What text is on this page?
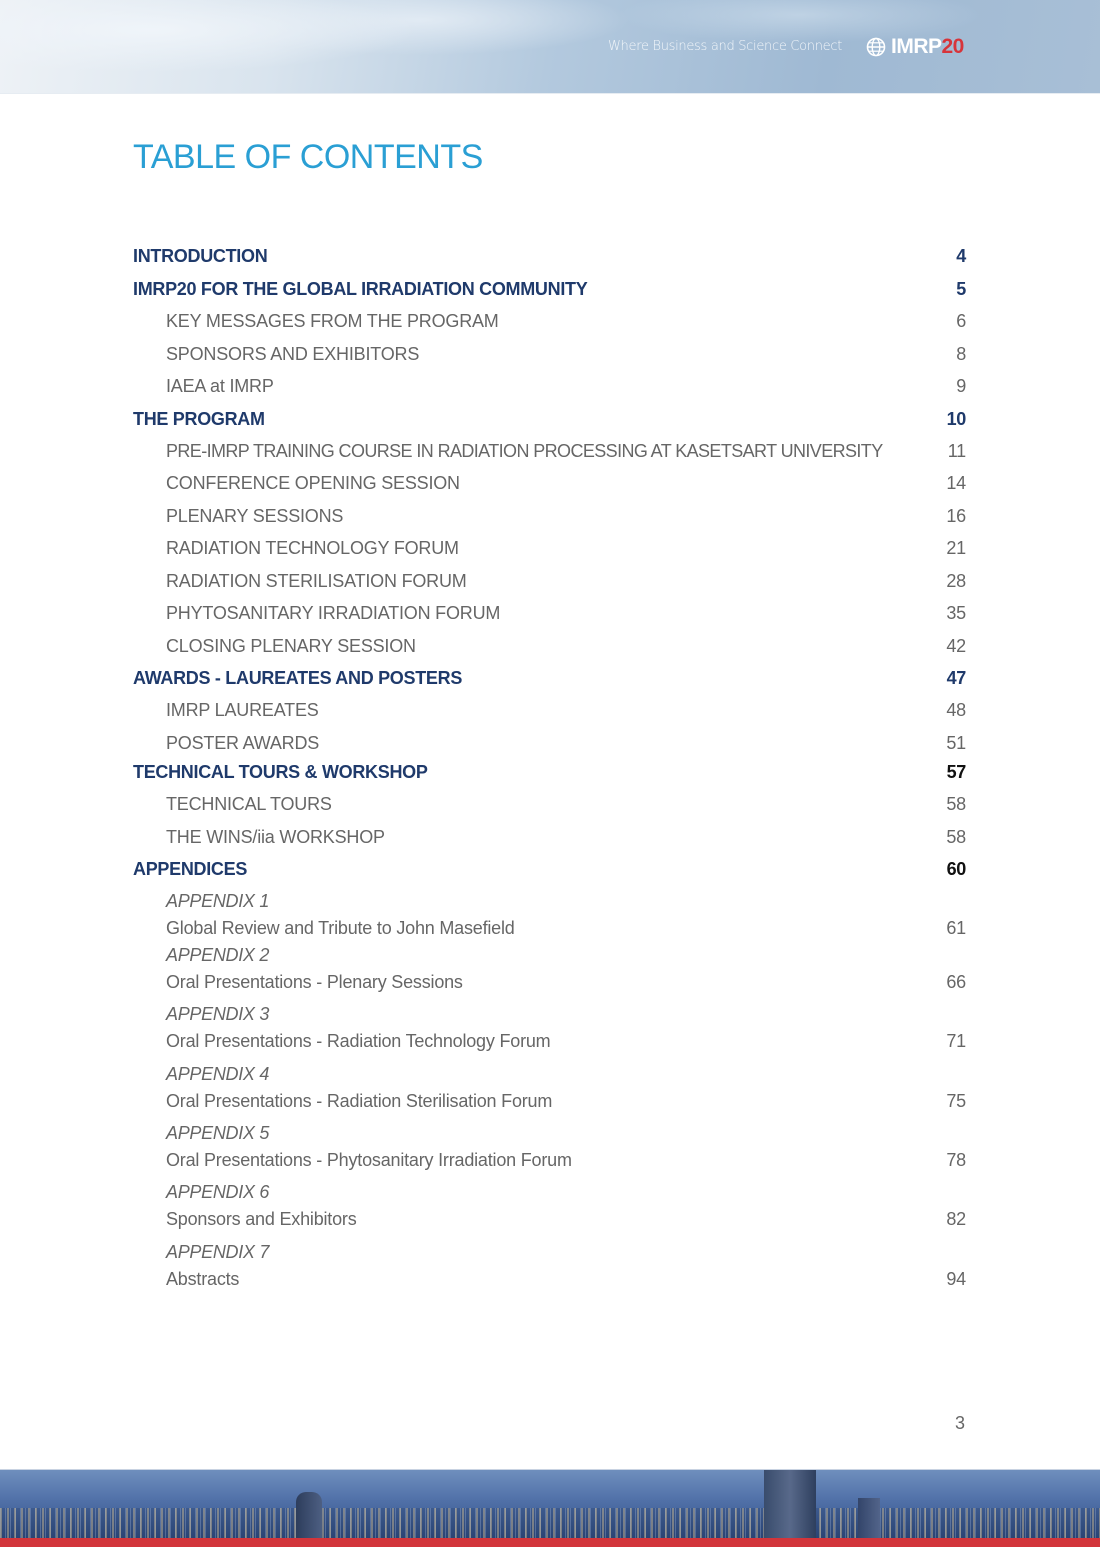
Where Business and Science Connect IMRP 20
TABLE OF CONTENTS
INTRODUCTION	4
IMRP20 FOR THE GLOBAL IRRADIATION COMMUNITY	5
KEY MESSAGES FROM THE PROGRAM	6
SPONSORS AND EXHIBITORS	8
IAEA at IMRP	9
THE PROGRAM	10
PRE-IMRP TRAINING COURSE IN RADIATION PROCESSING AT KASETSART UNIVERSITY	11
CONFERENCE OPENING SESSION	14
PLENARY SESSIONS	16
RADIATION TECHNOLOGY FORUM	21
RADIATION STERILISATION FORUM	28
PHYTOSANITARY IRRADIATION FORUM	35
CLOSING PLENARY SESSION	42
AWARDS - LAUREATES AND POSTERS	47
IMRP LAUREATES	48
POSTER AWARDS	51
TECHNICAL TOURS & WORKSHOP	57
TECHNICAL TOURS	58
THE WINS/iia WORKSHOP	58
APPENDICES	60
APPENDIX 1
Global Review and Tribute to John Masefield	61
APPENDIX 2
Oral Presentations - Plenary Sessions	66
APPENDIX 3
Oral Presentations - Radiation Technology Forum	71
APPENDIX 4
Oral Presentations - Radiation Sterilisation Forum	75
APPENDIX 5
Oral Presentations - Phytosanitary Irradiation Forum	78
APPENDIX 6
Sponsors and Exhibitors	82
APPENDIX 7
Abstracts	94
3
